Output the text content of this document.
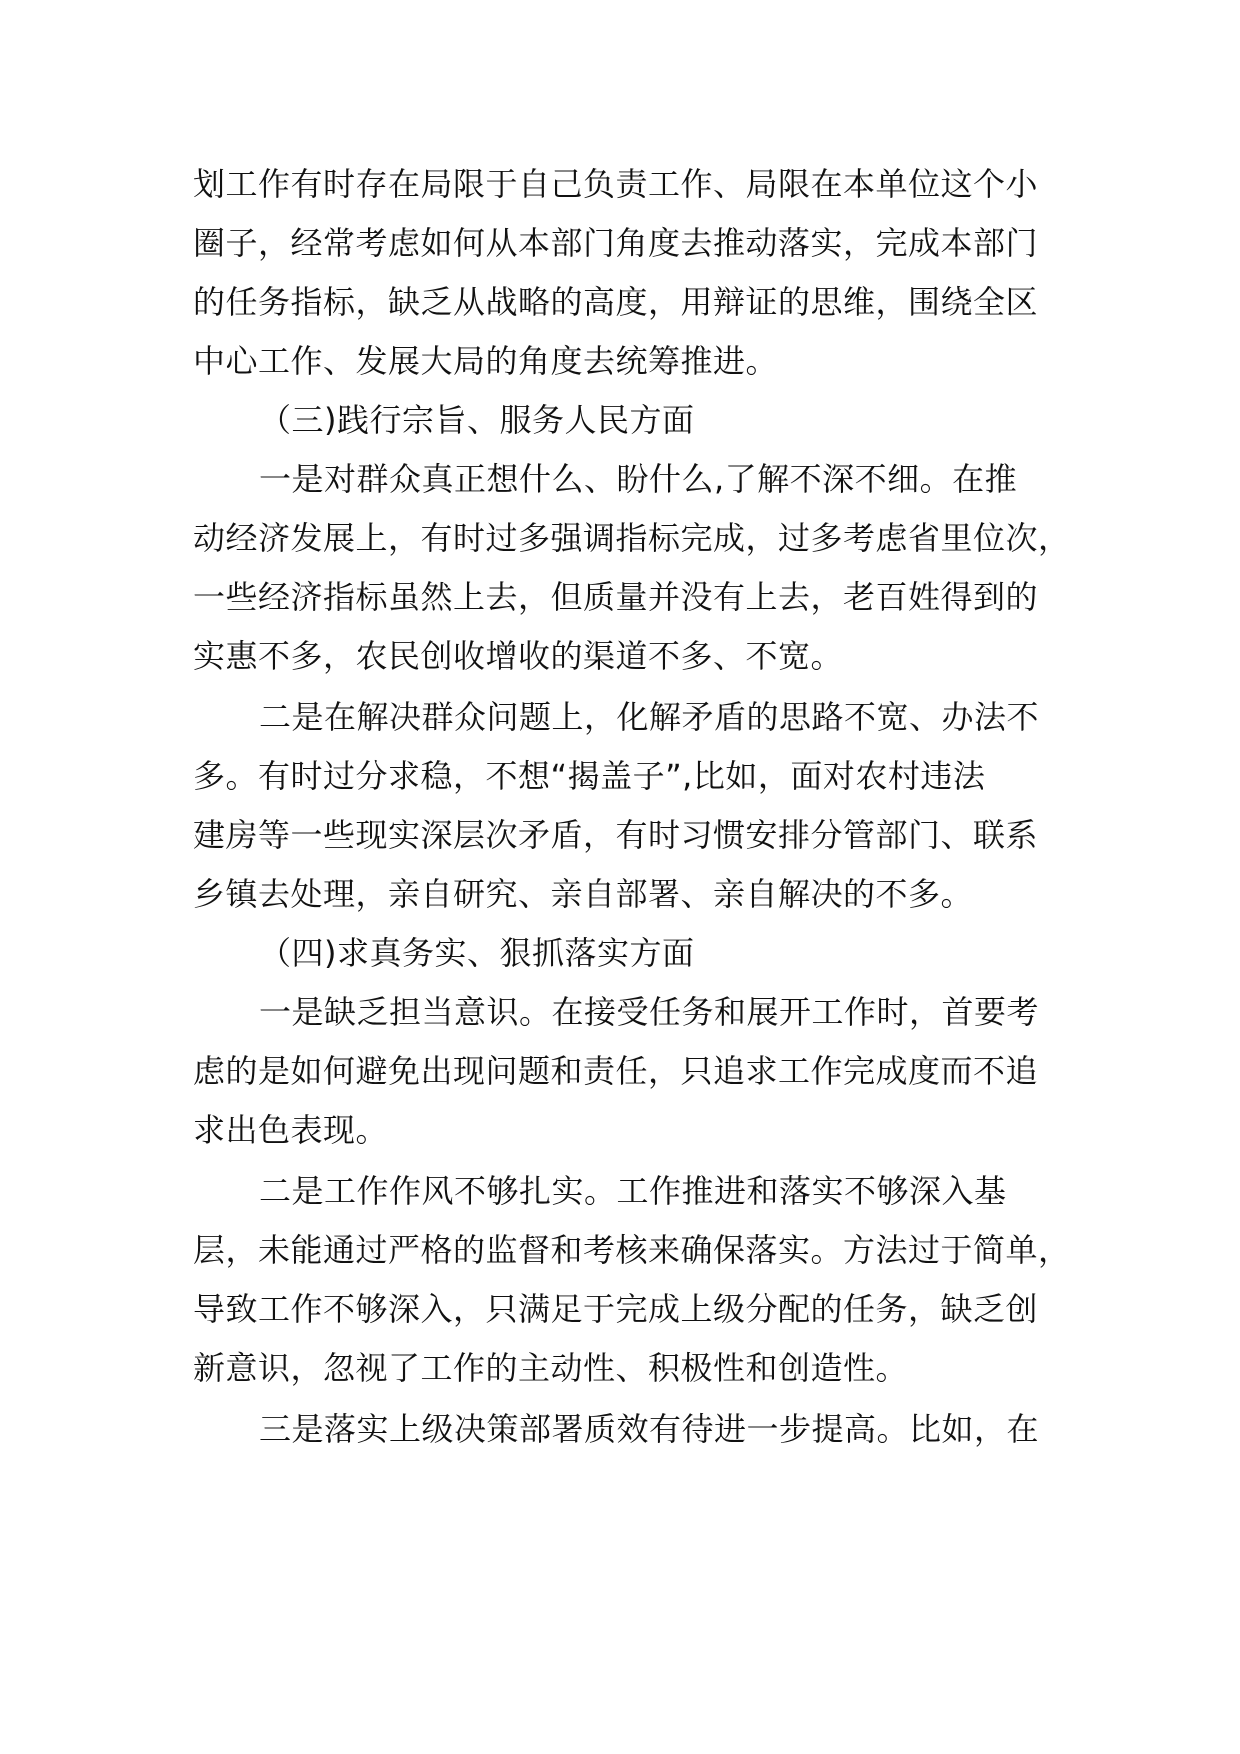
划工作有时存在局限于自己负责工作、局限在本单位这个小
圈子，经常考虑如何从本部门角度去推动落实，完成本部门
的任务指标，缺乏从战略的高度，用辩证的思维，围绕全区
中心工作、发展大局的角度去统筹推进。
（三)践行宗旨、服务人民方面
一是对群众真正想什么、盼什么,了解不深不细。在推
动经济发展上，有时过多强调指标完成，过多考虑省里位次，
一些经济指标虽然上去，但质量并没有上去，老百姓得到的
实惠不多，农民创收增收的渠道不多、不宽。
二是在解决群众问题上，化解矛盾的思路不宽、办法不
多。有时过分求稳，不想“揭盖子”,比如，面对农村违法
建房等一些现实深层次矛盾，有时习惯安排分管部门、联系
乡镇去处理，亲自研究、亲自部署、亲自解决的不多。
（四)求真务实、狠抓落实方面
一是缺乏担当意识。在接受任务和展开工作时，首要考
虑的是如何避免出现问题和责任，只追求工作完成度而不追
求出色表现。
二是工作作风不够扎实。工作推进和落实不够深入基
层，未能通过严格的监督和考核来确保落实。方法过于简单，
导致工作不够深入，只满足于完成上级分配的任务，缺乏创
新意识，忽视了工作的主动性、积极性和创造性。
三是落实上级决策部署质效有待进一步提高。比如，在
